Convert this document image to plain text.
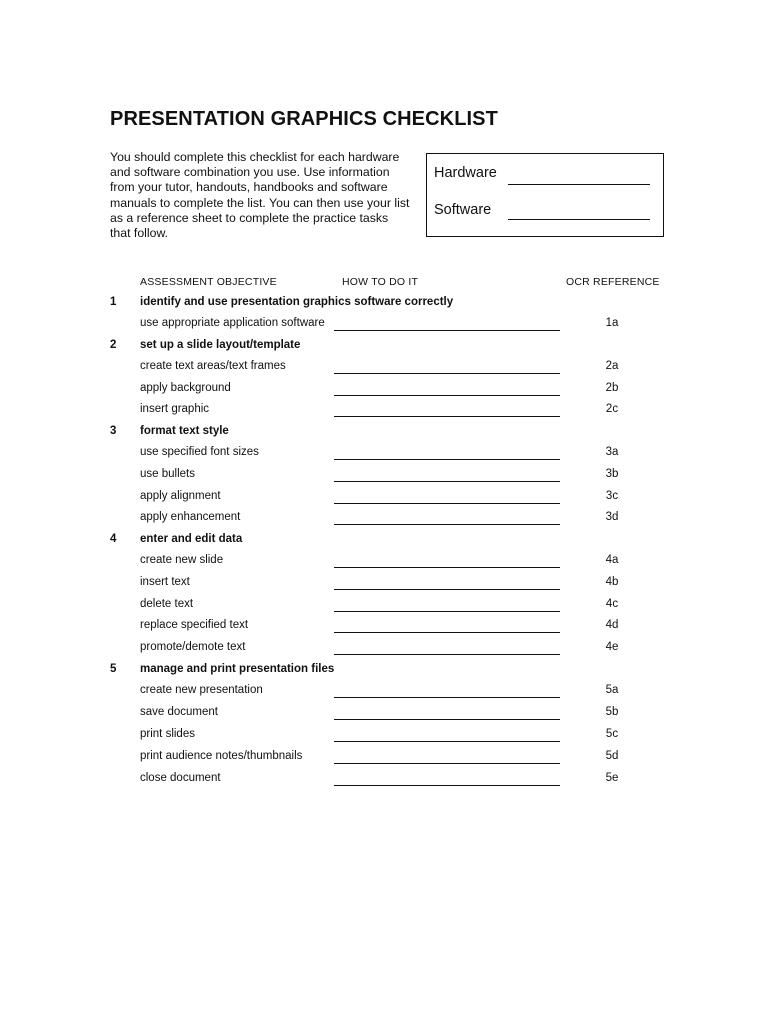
PRESENTATION GRAPHICS CHECKLIST
You should complete this checklist for each hardware and software combination you use. Use information from your tutor, handouts, handbooks and software manuals to complete the list. You can then use your list as a reference sheet to complete the practice tasks that follow.
Hardware
Software
ASSESSMENT OBJECTIVE	HOW TO DO IT	OCR REFERENCE
1 identify and use presentation graphics software correctly
use appropriate application software	1a
2 set up a slide layout/template
create text areas/text frames	2a
apply background	2b
insert graphic	2c
3 format text style
use specified font sizes	3a
use bullets	3b
apply alignment	3c
apply enhancement	3d
4 enter and edit data
create new slide	4a
insert text	4b
delete text	4c
replace specified text	4d
promote/demote text	4e
5 manage and print presentation files
create new presentation	5a
save document	5b
print slides	5c
print audience notes/thumbnails	5d
close document	5e
